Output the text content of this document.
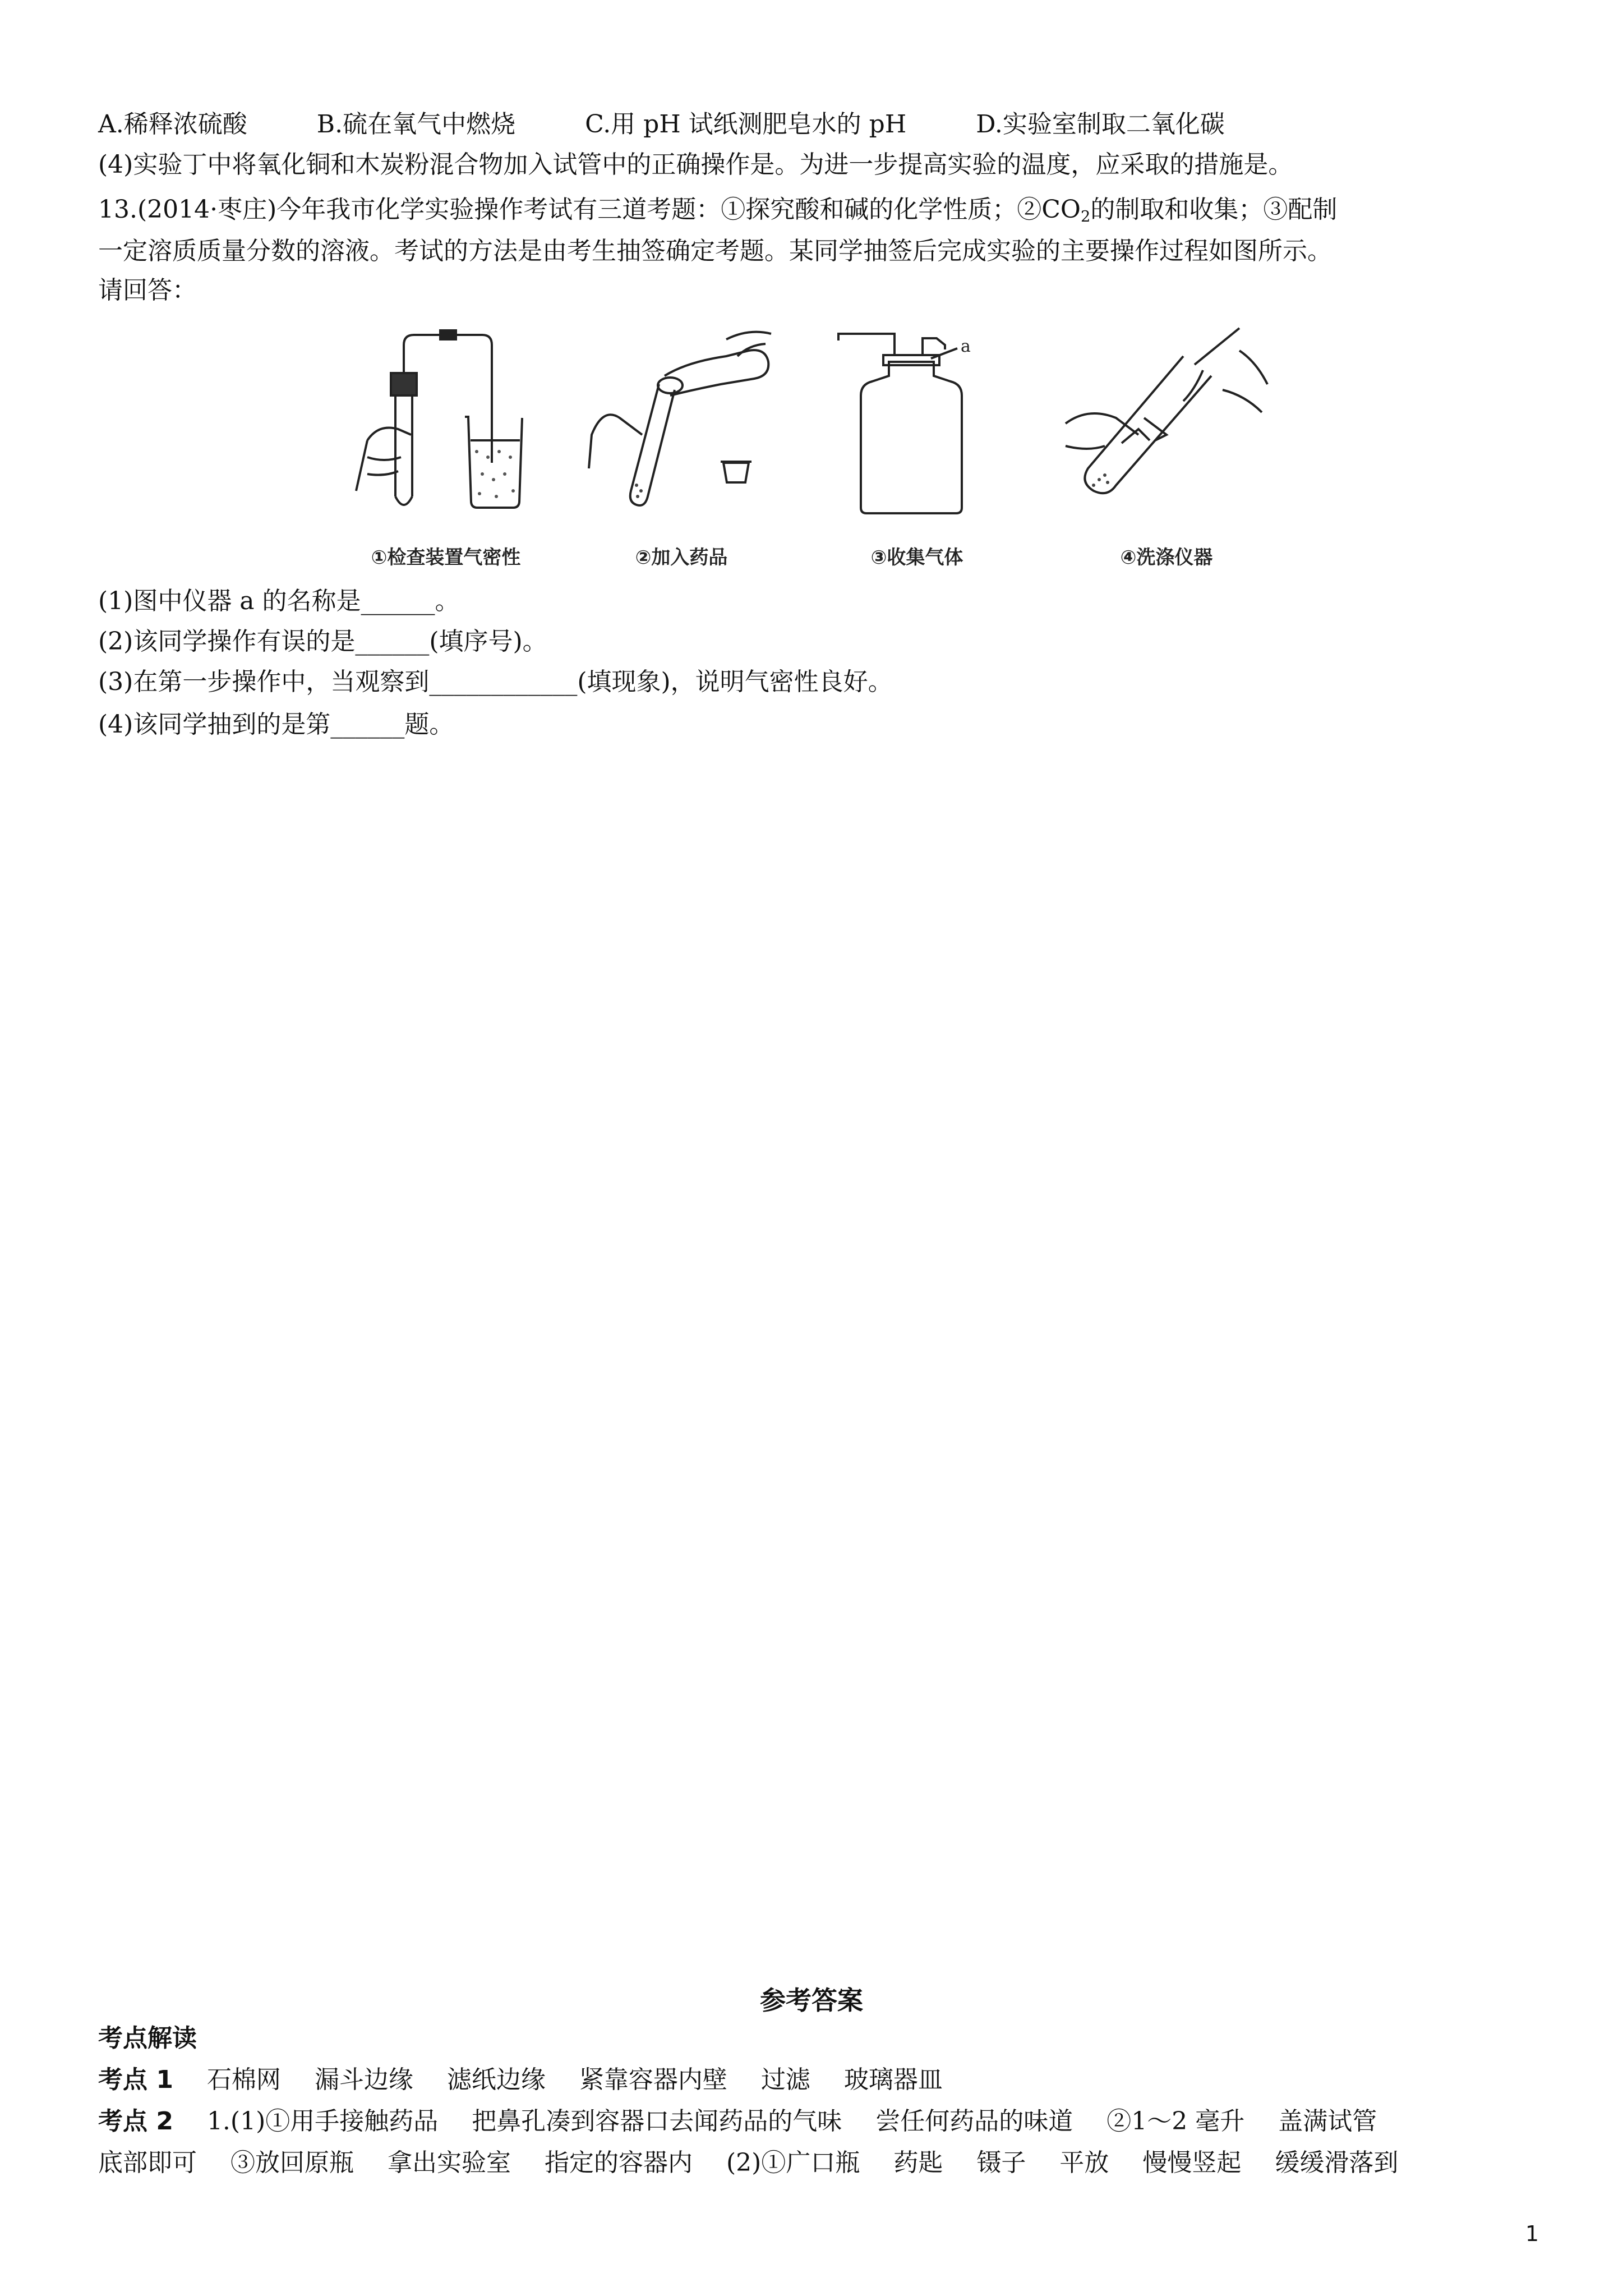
A.稀释浓硫酸	B.硫在氧气中燃烧	C.用 pH 试纸测肥皂水的 pH	D.实验室制取二氧化碳
(4)实验丁中将氧化铜和木炭粉混合物加入试管中的正确操作是。为进一步提高实验的温度，应采取的措施是。
13.(2014·枣庄)今年我市化学实验操作考试有三道考题：①探究酸和碱的化学性质；$②CO_2$的制取和收集；③配制
一定溶质质量分数的溶液。考试的方法是由考生抽签确定考题。某同学抽签后完成实验的主要操作过程如图所示。
请回答：
①检查装置气密性	②加入药品
a
③收集气体	④洗涤仪器
(1)图中仪器 a 的名称是______。
(2)该同学操作有误的是______(填序号)。
(3)在第一步操作中，当观察到____________(填现象)，说明气密性良好。
(4)该同学抽到的是第______题。
参考答案
考点解读
考点 1 石棉网 漏斗边缘 滤纸边缘 紧靠容器内壁 过滤 玻璃器皿
考点 2 1.(1)①用手接触药品 把鼻孔凑到容器口去闻药品的气味 尝任何药品的味道 ②1～2 毫升 盖满试管
底部即可 ③放回原瓶 拿出实验室 指定的容器内 (2)①广口瓶 药匙 镊子 平放 慢慢竖起 缓缓滑落到
1
